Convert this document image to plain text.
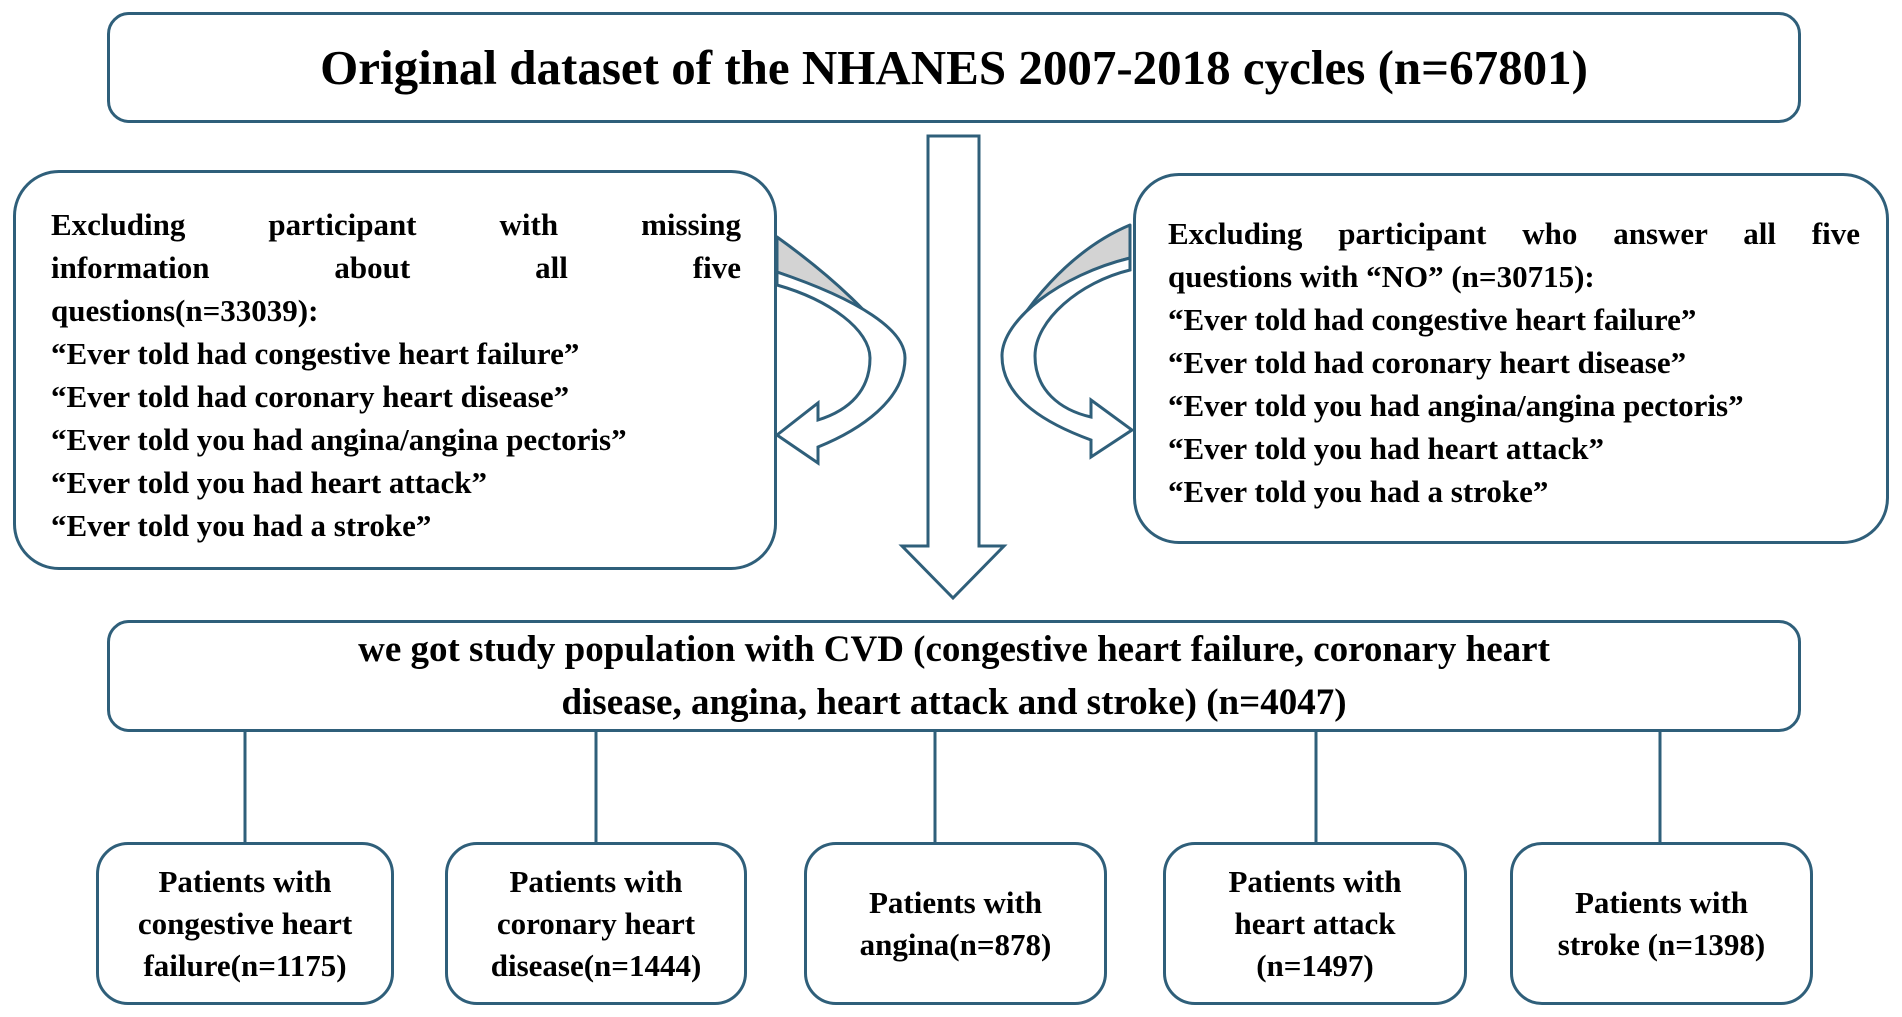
Original dataset of the NHANES 2007-2018 cycles (n=67801)
Excluding participant with missing
information about all five
questions(n=33039):
“Ever told had congestive heart failure”
“Ever told had coronary heart disease”
“Ever told you had angina/angina pectoris”
“Ever told you had heart attack”
“Ever told you had a stroke”
Excluding participant who answer all five
questions with “NO” (n=30715):
“Ever told had congestive heart failure”
“Ever told had coronary heart disease”
“Ever told you had angina/angina pectoris”
“Ever told you had heart attack”
“Ever told you had a stroke”
we got study population with CVD (congestive heart failure, coronary heart
disease, angina, heart attack and stroke) (n=4047)
Patients with
congestive heart
failure(n=1175)
Patients with
coronary heart
disease(n=1444)
Patients with
angina(n=878)
Patients with
heart attack
(n=1497)
Patients with
stroke (n=1398)
